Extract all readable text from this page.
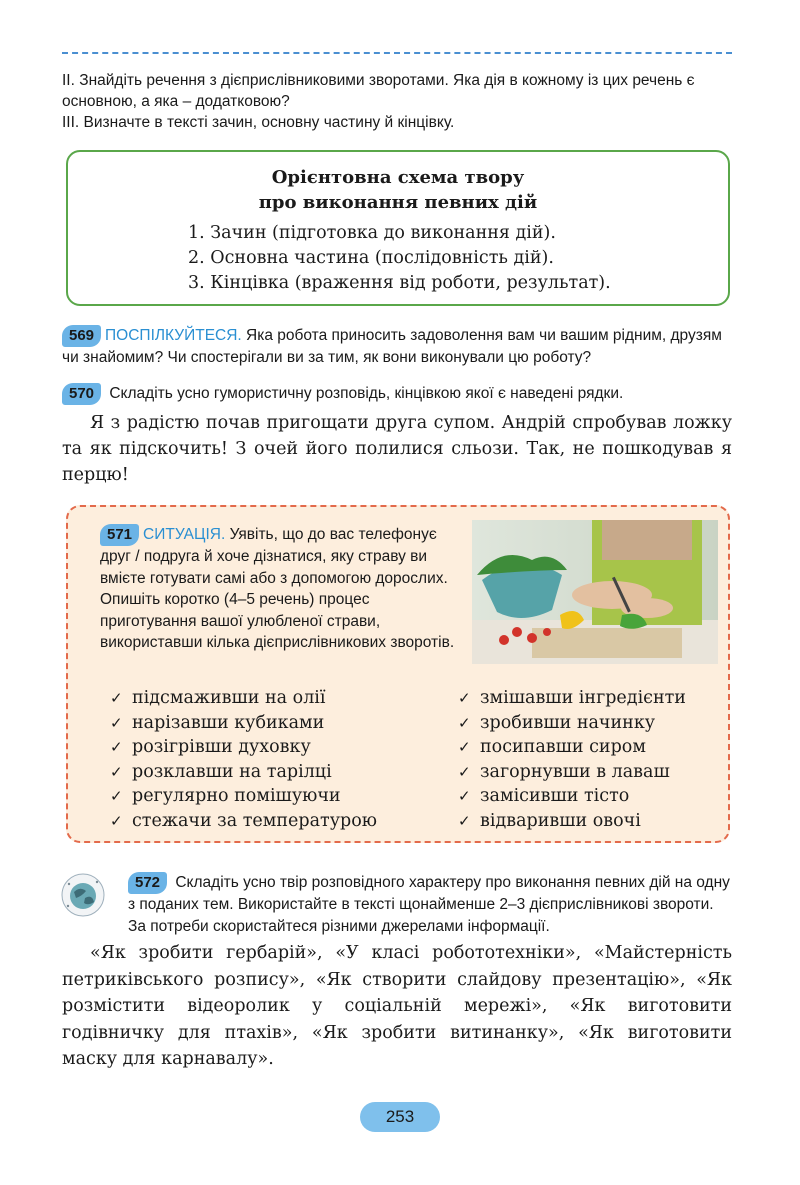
II. Знайдіть речення з дієприслівниковими зворотами. Яка дія в кожному із цих речень є основною, а яка – додатковою?

III. Визначте в тексті зачин, основну частину й кінцівку.

Орієнтовна схема твору
про виконання певних дій
1. Зачин (підготовка до виконання дій).
2. Основна частина (послідовність дій).
3. Кінцівка (враження від роботи, результат).
569 ПОСПІЛКУЙТЕСЯ. Яка робота приносить задоволення вам чи вашим рідним, друзям чи знайомим? Чи спостерігали ви за тим, як вони виконували цю роботу?
570 Складіть усно гумористичну розповідь, кінцівкою якої є наведені рядки.
Я з радістю почав пригощати друга супом. Андрій спробував ложку та як підскочить! З очей його полилися сльози. Так, не пошкодував я перцю!
571 СИТУАЦІЯ. Уявіть, що до вас телефонує друг / подруга й хоче дізнатися, яку страву ви вмієте готувати самі або з допомогою дорослих. Опишіть коротко (4–5 речень) процес приготування вашої улюбленої страви, використавши кілька дієприслівникових зворотів.
✓ підсмаживши на олії
✓ нарізавши кубиками
✓ розігрівши духовку
✓ розклавши на тарілці
✓ регулярно помішуючи
✓ стежачи за температурою
✓ змішавши інгредієнти
✓ зробивши начинку
✓ посипавши сиром
✓ загорнувши в лаваш
✓ замісивши тісто
✓ відваривши овочі
572 Складіть усно твір розповідного характеру про виконання певних дій на одну з поданих тем. Використайте в тексті щонайменше 2–3 дієприслівникові звороти. За потреби скористайтеся різними джерелами інформації.
«Як зробити гербарій», «У класі робототехніки», «Майстерність петриківського розпису», «Як створити слайдову презентацію», «Як розмістити відеоролик у соціальній мережі», «Як виготовити годівничку для птахів», «Як зробити витинанку», «Як виготовити маску для карнавалу».
253
